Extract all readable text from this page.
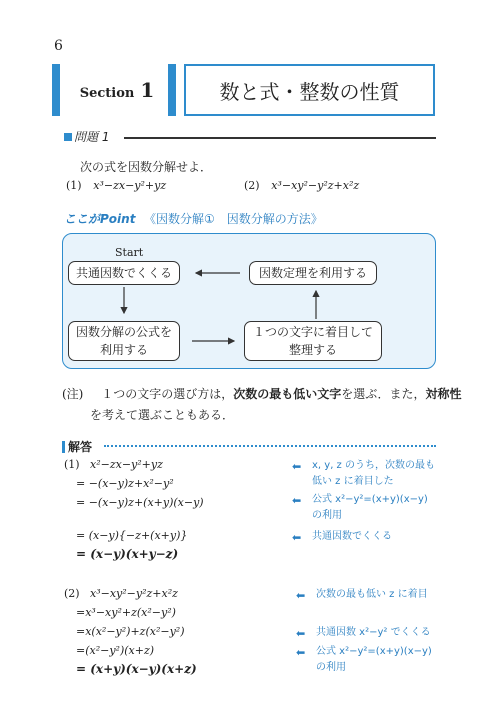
6
Section 1	数と式・整数の性質
問題 1
次の式を因数分解せよ．
(1) x³−zx−y²+yz	(2) x³−xy²−y²z+x²z
ここがPoint 《因数分解①　因数分解の方法》
Start
共通因数でくくる	因数定理を利用する
因数分解の公式を
利用する
１つの文字に着目して
整理する
(注) １つの文字の選び方は，次数の最も低い文字を選ぶ．また，対称性
を考えて選ぶこともある．
解答
(1) x²−zx−y²+yz
= −(x−y)z+x²−y²
= −(x−y)z+(x+y)(x−y)
= (x−y){−z+(x+y)}
= (x−y)(x+y−z)
⬅ x, y, z のうち，次数の最も
低い z に着目した
⬅ 公式 x²−y²=(x+y)(x−y)
の利用
⬅ 共通因数でくくる
(2) x³−xy²−y²z+x²z
=x³−xy²+z(x²−y²)
=x(x²−y²)+z(x²−y²)
=(x²−y²)(x+z)
= (x+y)(x−y)(x+z)
⬅ 次数の最も低い z に着目
⬅ 共通因数 x²−y² でくくる
⬅ 公式 x²−y²=(x+y)(x−y)
の利用
